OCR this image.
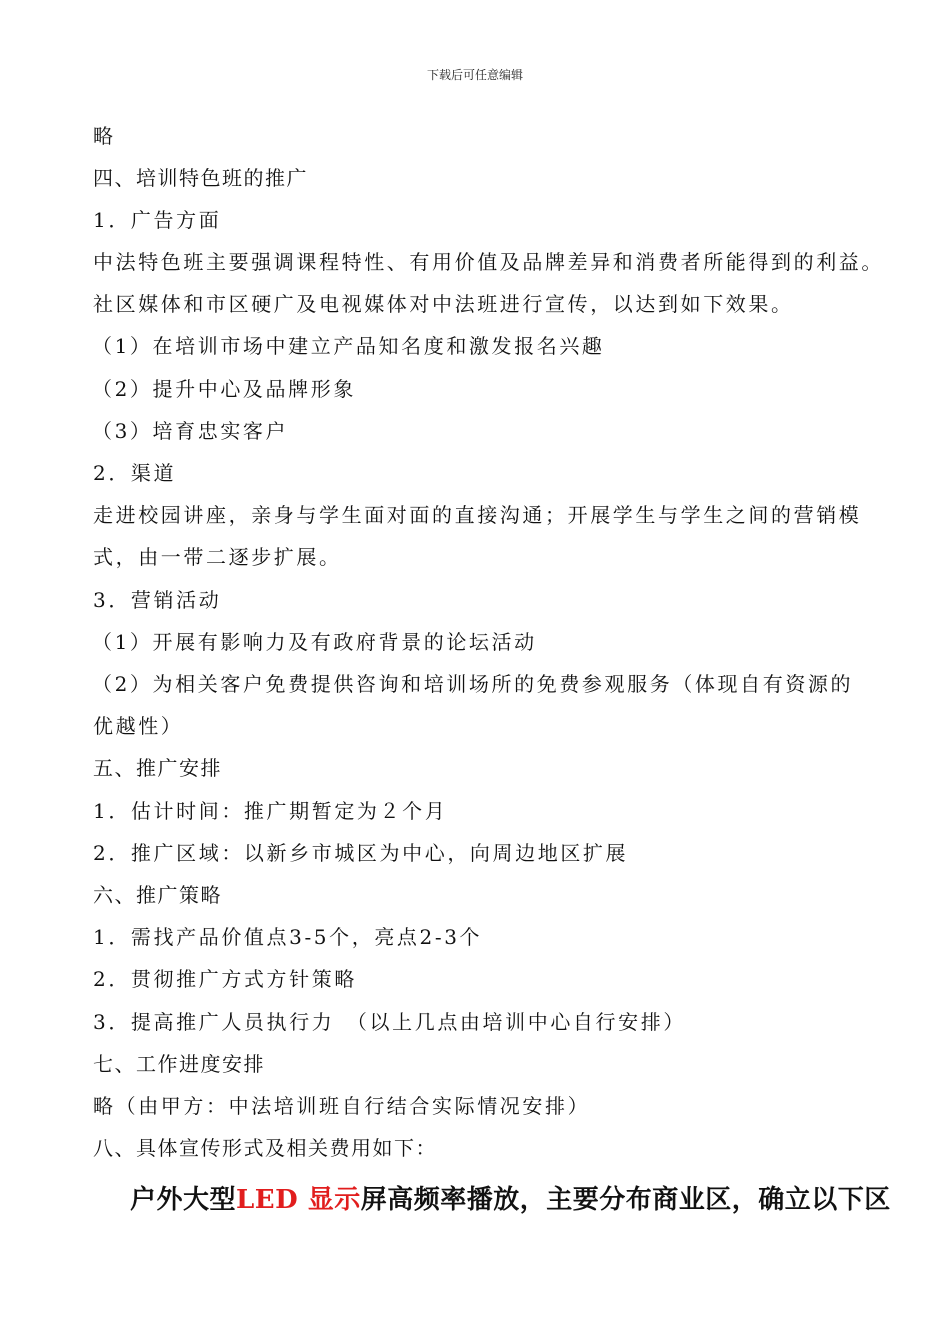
下载后可任意编辑
略
四、培训特色班的推广
1．广告方面
中法特色班主要强调课程特性、有用价值及品牌差异和消费者所能得到的利益。
社区媒体和市区硬广及电视媒体对中法班进行宣传，以达到如下效果。
（1）在培训市场中建立产品知名度和激发报名兴趣
（2）提升中心及品牌形象
（3）培育忠实客户
2．渠道
走进校园讲座，亲身与学生面对面的直接沟通；开展学生与学生之间的营销模
式，由一带二逐步扩展。
3．营销活动
（1）开展有影响力及有政府背景的论坛活动
（2）为相关客户免费提供咨询和培训场所的免费参观服务（体现自有资源的
优越性）
五、推广安排
1．估计时间：推广期暂定为２个月
2．推广区域：以新乡市城区为中心，向周边地区扩展
六、推广策略
1．需找产品价值点3-5个，亮点2-3个
2．贯彻推广方式方针策略
3．提高推广人员执行力　（以上几点由培训中心自行安排）
七、工作进度安排
略（由甲方：中法培训班自行结合实际情况安排）
八、具体宣传形式及相关费用如下：
户外大型LED 显示屏高频率播放，主要分布商业区，确立以下区
